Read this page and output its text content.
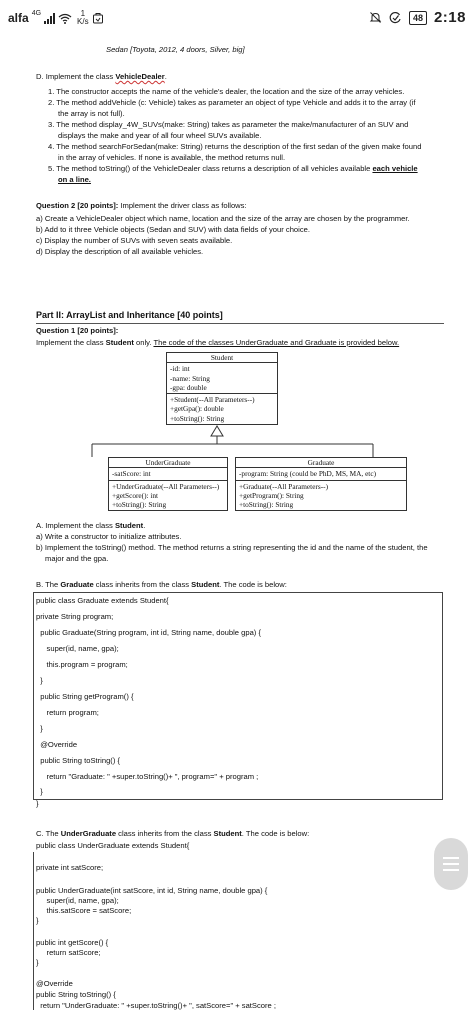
alfa 4G	1
K/s	48 2:18
Sedan [Toyota, 2012, 4 doors, Silver, big]
D. Implement the class VehicleDealer.
1. The constructor accepts the name of the vehicle's dealer, the location and the size of the array vehicles.
2. The method addVehicle (c: Vehicle) takes as parameter an object of type Vehicle and adds it to the array (if
the array is not full).
3. The method display_4W_SUVs(make: String) takes as parameter the make/manufacturer of an SUV and
displays the make and year of all four wheel SUVs available.
4. The method searchForSedan(make: String) returns the description of the first sedan of the given make found
in the array of vehicles. If none is available, the method returns null.
5. The method toString() of the VehicleDealer class returns a description of all vehicles available each vehicle
on a line.
Question 2 [20 points]: Implement the driver class as follows:
a) Create a VehicleDealer object which name, location and the size of the array are chosen by the programmer.
b) Add to it three Vehicle objects (Sedan and SUV) with data fields of your choice.
c) Display the number of SUVs with seven seats available.
d) Display the description of all available vehicles.
Part II: ArrayList and Inheritance [40 points]
Question 1 [20 points]:
Implement the class Student only. The code of the classes UnderGraduate and Graduate is provided below.
Student
-id: int
-name: String
-gpa: double
+Student(--All Parameters--)
+getGpa(): double
+toString(): String
UnderGraduate
-satScore: int
+UnderGraduate(--All Parameters--)
+getScore(): int
+toString(): String
Graduate
-program: String (could be PhD, MS, MA, etc)
+Graduate(--All Parameters--)
+getProgram(): String
+toString(): String
A. Implement the class Student.
a) Write a constructor to initialize attributes.
b) Implement the toString() method. The method returns a string representing the id and the name of the student, the
major and the gpa.
B. The Graduate class inherits from the class Student. The code is below:
public class Graduate extends Student{
private String program;
public Graduate(String program, int id, String name, double gpa) {
super(id, name, gpa);
this.program = program;
}
public String getProgram() {
return program;
}
@Override
public String toString() {
return "Graduate: " +super.toString()+ ", program=" + program ;
}
}
C. The UnderGraduate class inherits from the class Student. The code is below:
public class UnderGraduate extends Student{
private int satScore;
public UnderGraduate(int satScore, int id, String name, double gpa) {
super(id, name, gpa);
this.satScore = satScore;
}
public int getScore() {
return satScore;
}
@Override
public String toString() {
return "UnderGraduate: " +super.toString()+ ", satScore=" + satScore ;
